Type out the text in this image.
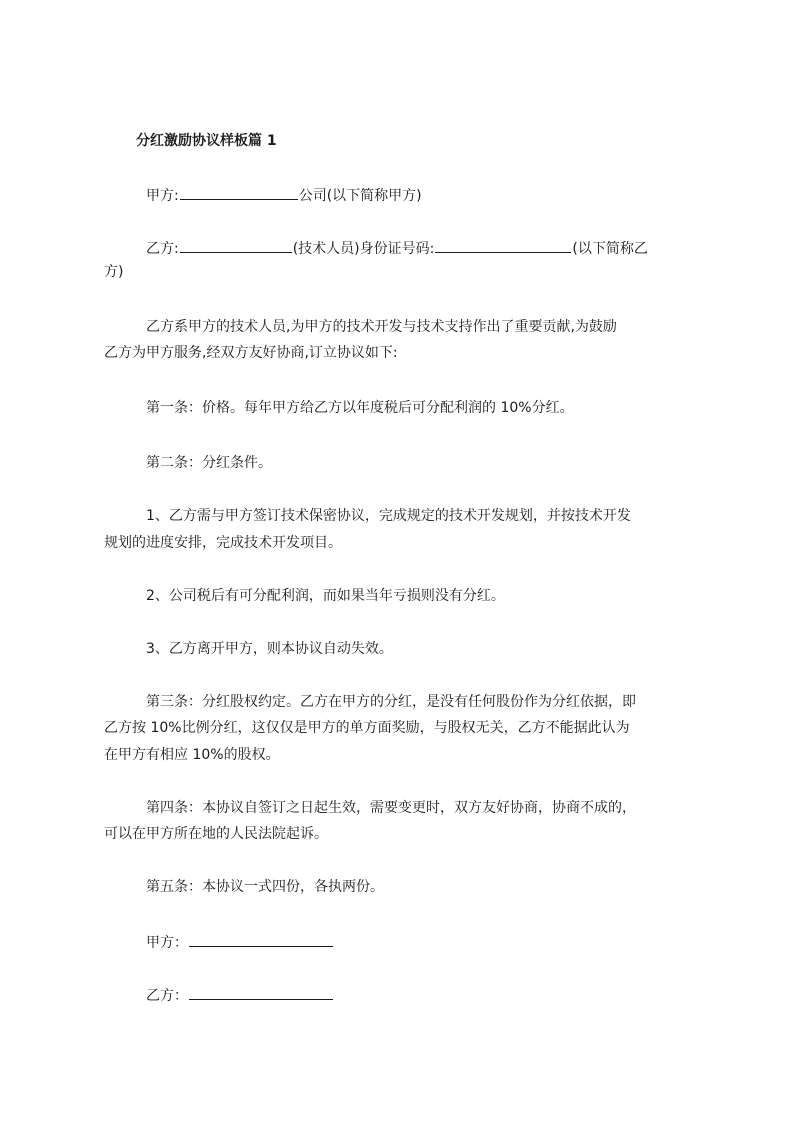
分红激励协议样板篇 1
甲方:	公司(以下简称甲方)
乙方:	(技术人员)身份证号码:	(以下简称乙
方)
乙方系甲方的技术人员,为甲方的技术开发与技术支持作出了重要贡献,为鼓励
乙方为甲方服务,经双方友好协商,订立协议如下:
第一条：价格。每年甲方给乙方以年度税后可分配利润的 10%分红。
第二条：分红条件。
1、乙方需与甲方签订技术保密协议，完成规定的技术开发规划，并按技术开发
规划的进度安排，完成技术开发项目。
2、公司税后有可分配利润，而如果当年亏损则没有分红。
3、乙方离开甲方，则本协议自动失效。
第三条：分红股权约定。乙方在甲方的分红，是没有任何股份作为分红依据，即
乙方按 10%比例分红，这仅仅是甲方的单方面奖励，与股权无关，乙方不能据此认为
在甲方有相应 10%的股权。
第四条：本协议自签订之日起生效，需要变更时，双方友好协商，协商不成的，
可以在甲方所在地的人民法院起诉。
第五条：本协议一式四份，各执两份。
甲方：
乙方：
